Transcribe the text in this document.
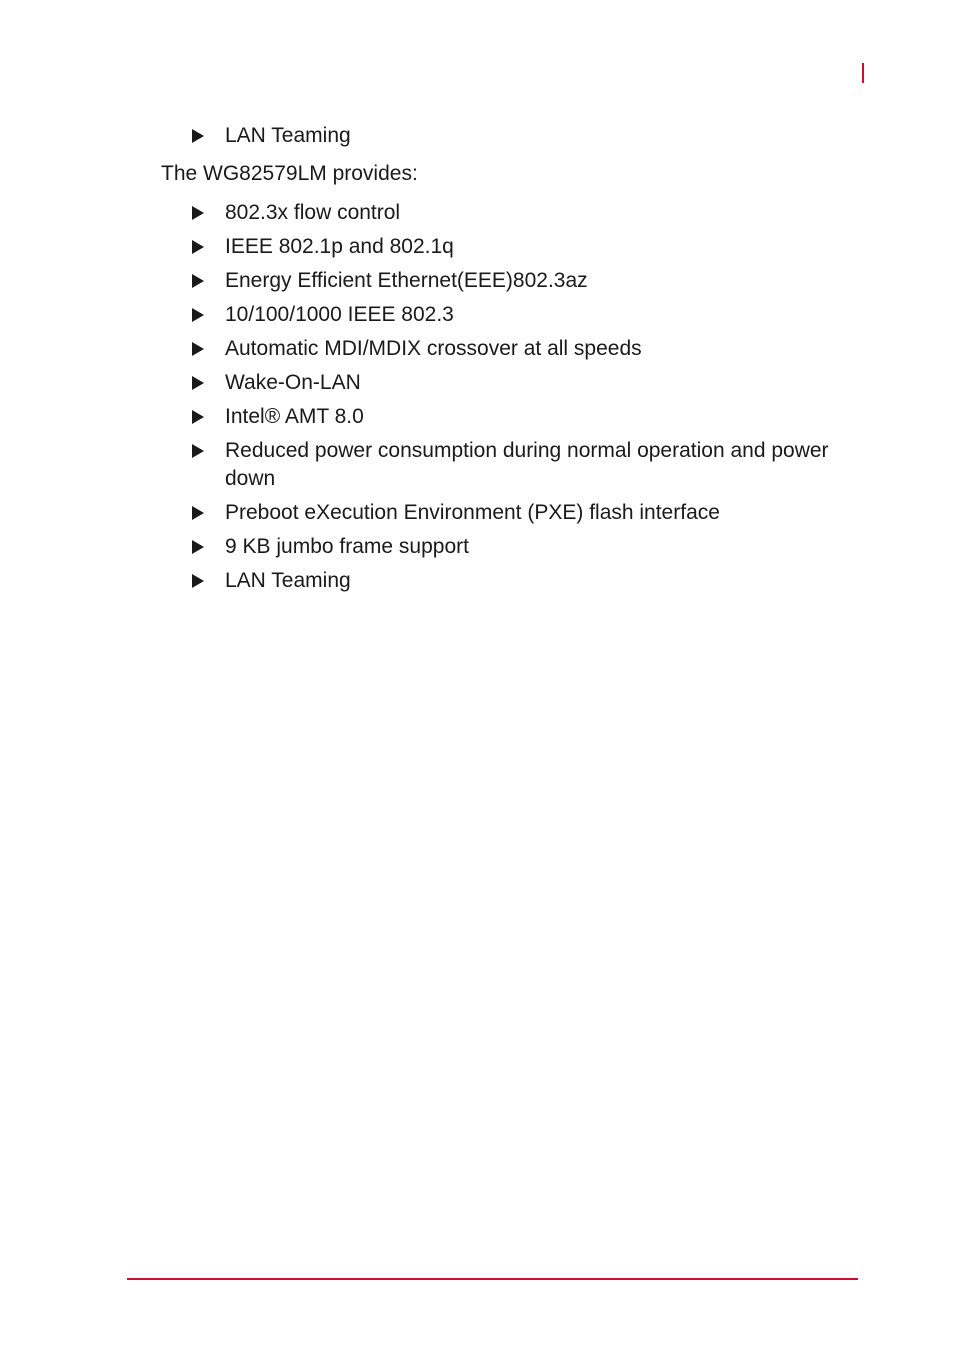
LAN Teaming
The WG82579LM provides:
802.3x flow control
IEEE 802.1p and 802.1q
Energy Efficient Ethernet(EEE)802.3az
10/100/1000 IEEE 802.3
Automatic MDI/MDIX crossover at all speeds
Wake-On-LAN
Intel® AMT 8.0
Reduced power consumption during normal operation and power down
Preboot eXecution Environment (PXE) flash interface
9 KB jumbo frame support
LAN Teaming
